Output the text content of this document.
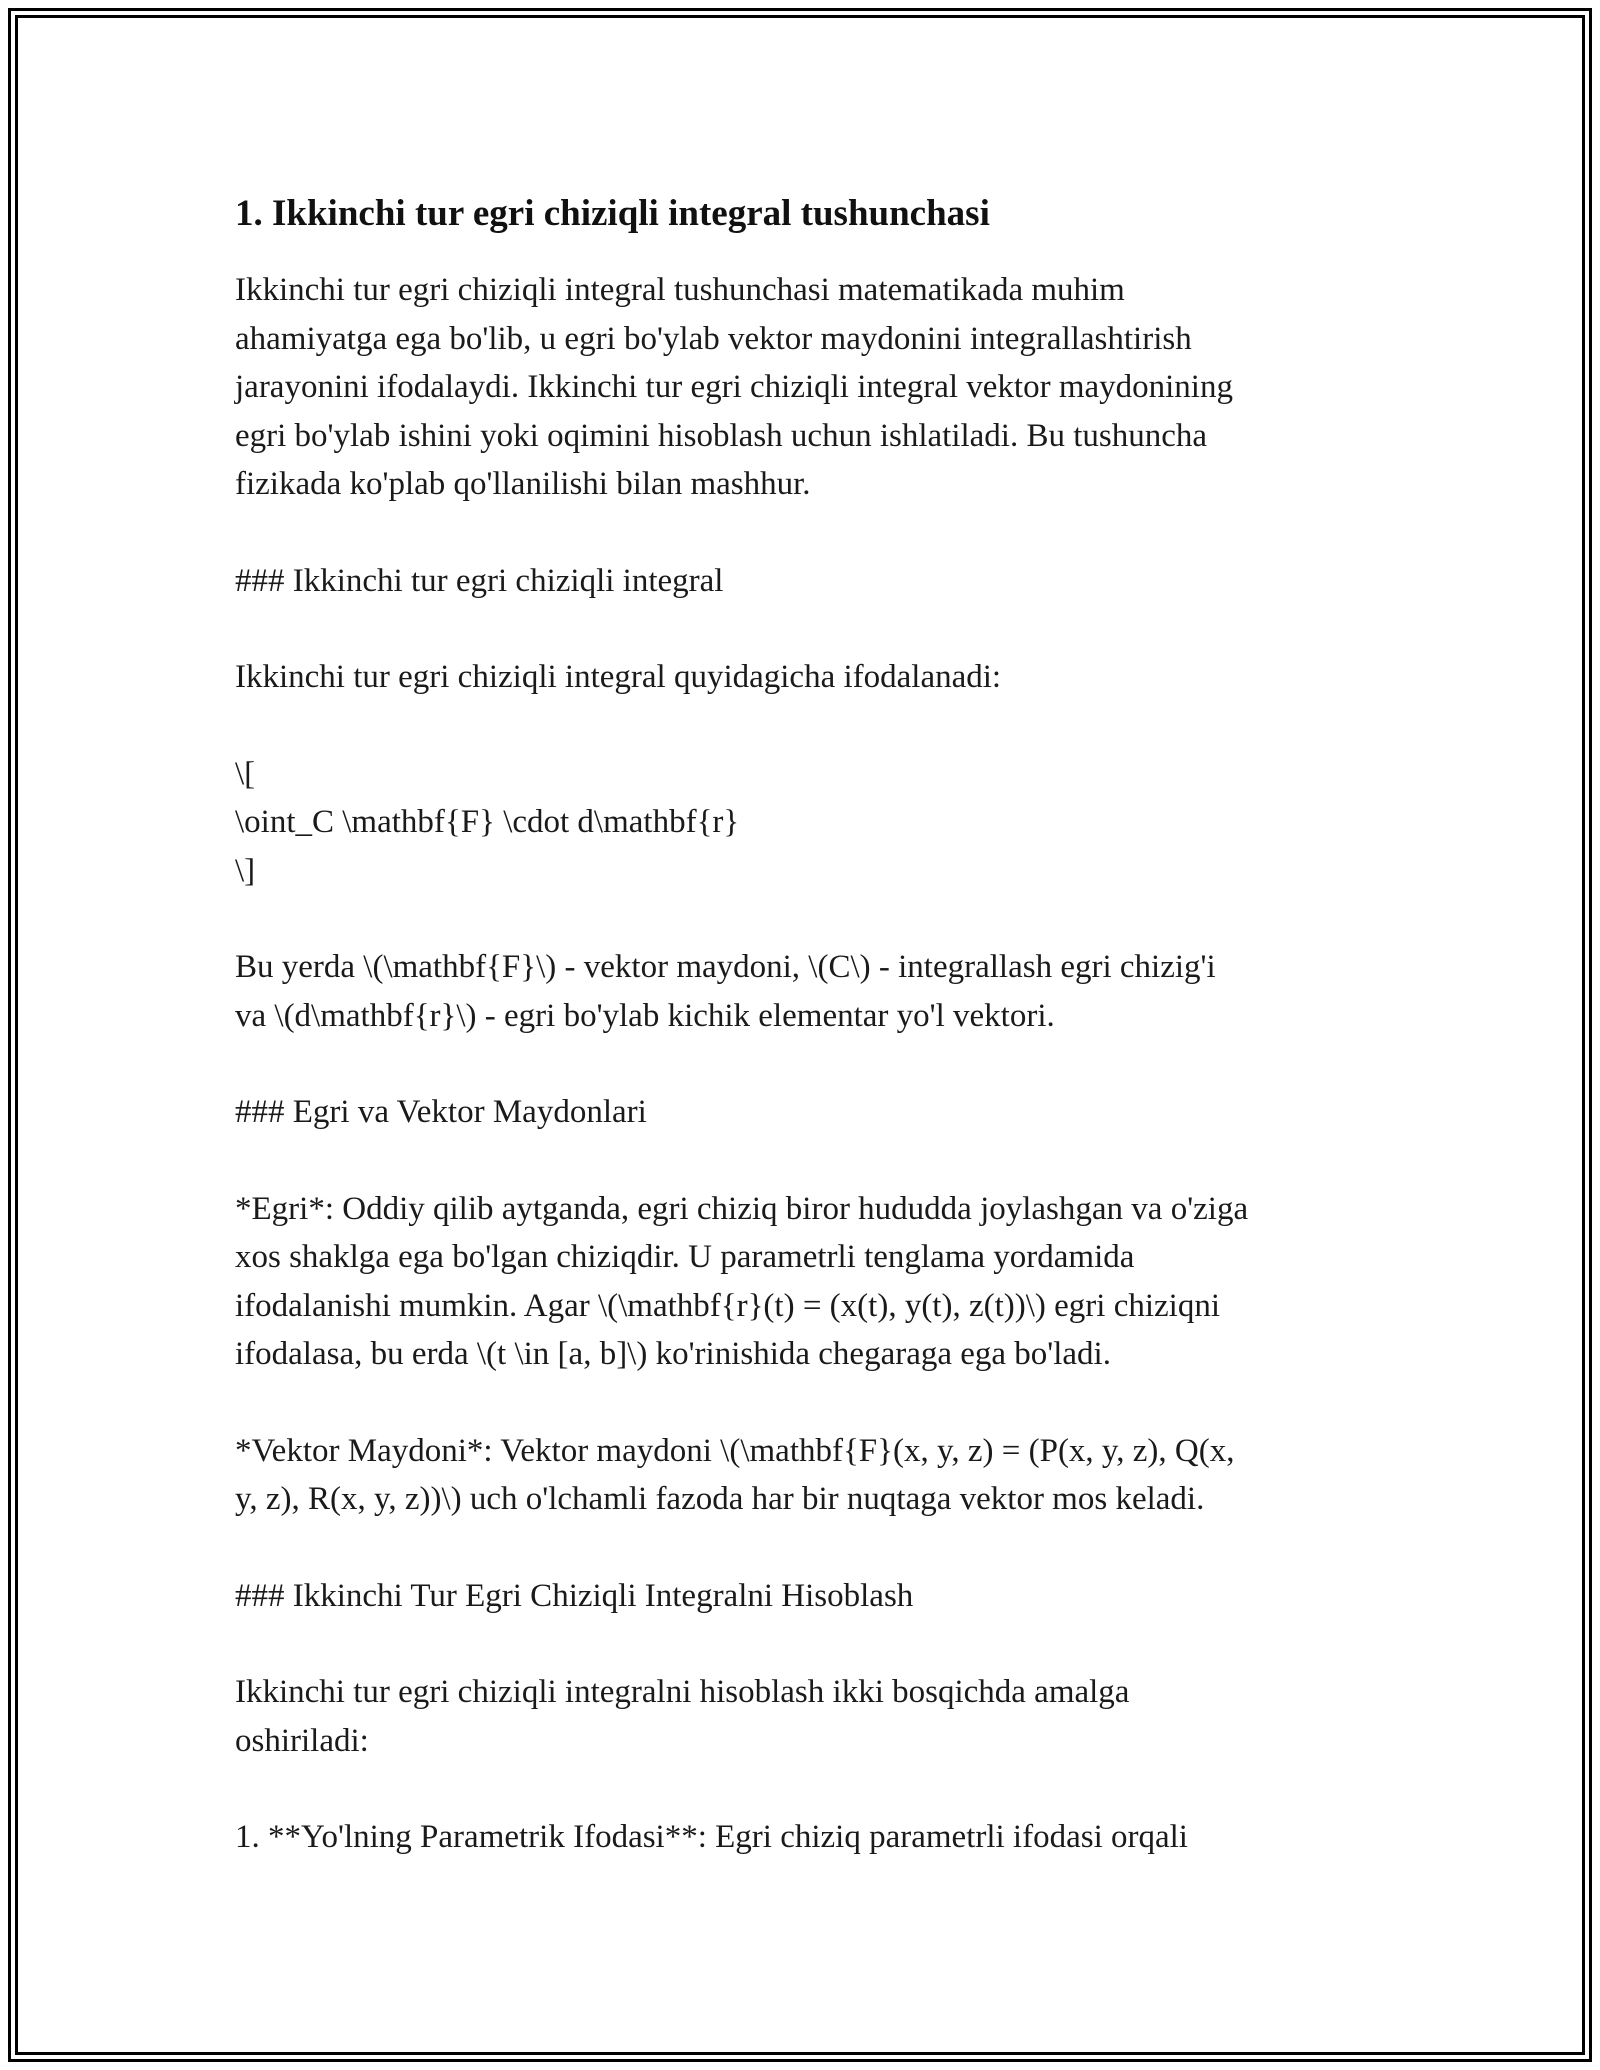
1. Ikkinchi tur egri chiziqli integral tushunchasi
Ikkinchi tur egri chiziqli integral tushunchasi matematikada muhim
ahamiyatga ega bo'lib, u egri bo'ylab vektor maydonini integrallashtirish
jarayonini ifodalaydi. Ikkinchi tur egri chiziqli integral vektor maydonining
egri bo'ylab ishini yoki oqimini hisoblash uchun ishlatiladi. Bu tushuncha
fizikada ko'plab qo'llanilishi bilan mashhur.
### Ikkinchi tur egri chiziqli integral
Ikkinchi tur egri chiziqli integral quyidagicha ifodalanadi:
\[
\oint_C \mathbf{F} \cdot d\mathbf{r}
\]
Bu yerda \(\mathbf{F}\) - vektor maydoni, \(C\) - integrallash egri chizig'i
va \(d\mathbf{r}\) - egri bo'ylab kichik elementar yo'l vektori.
### Egri va Vektor Maydonlari
*Egri*: Oddiy qilib aytganda, egri chiziq biror hududda joylashgan va o'ziga
xos shaklga ega bo'lgan chiziqdir. U parametrli tenglama yordamida
ifodalanishi mumkin. Agar \(\mathbf{r}(t) = (x(t), y(t), z(t))\) egri chiziqni
ifodalasa, bu erda \(t \in [a, b]\) ko'rinishida chegaraga ega bo'ladi.
*Vektor Maydoni*: Vektor maydoni \(\mathbf{F}(x, y, z) = (P(x, y, z), Q(x,
y, z), R(x, y, z))\) uch o'lchamli fazoda har bir nuqtaga vektor mos keladi.
### Ikkinchi Tur Egri Chiziqli Integralni Hisoblash
Ikkinchi tur egri chiziqli integralni hisoblash ikki bosqichda amalga
oshiriladi:
1. **Yo'lning Parametrik Ifodasi**: Egri chiziq parametrli ifodasi orqali
